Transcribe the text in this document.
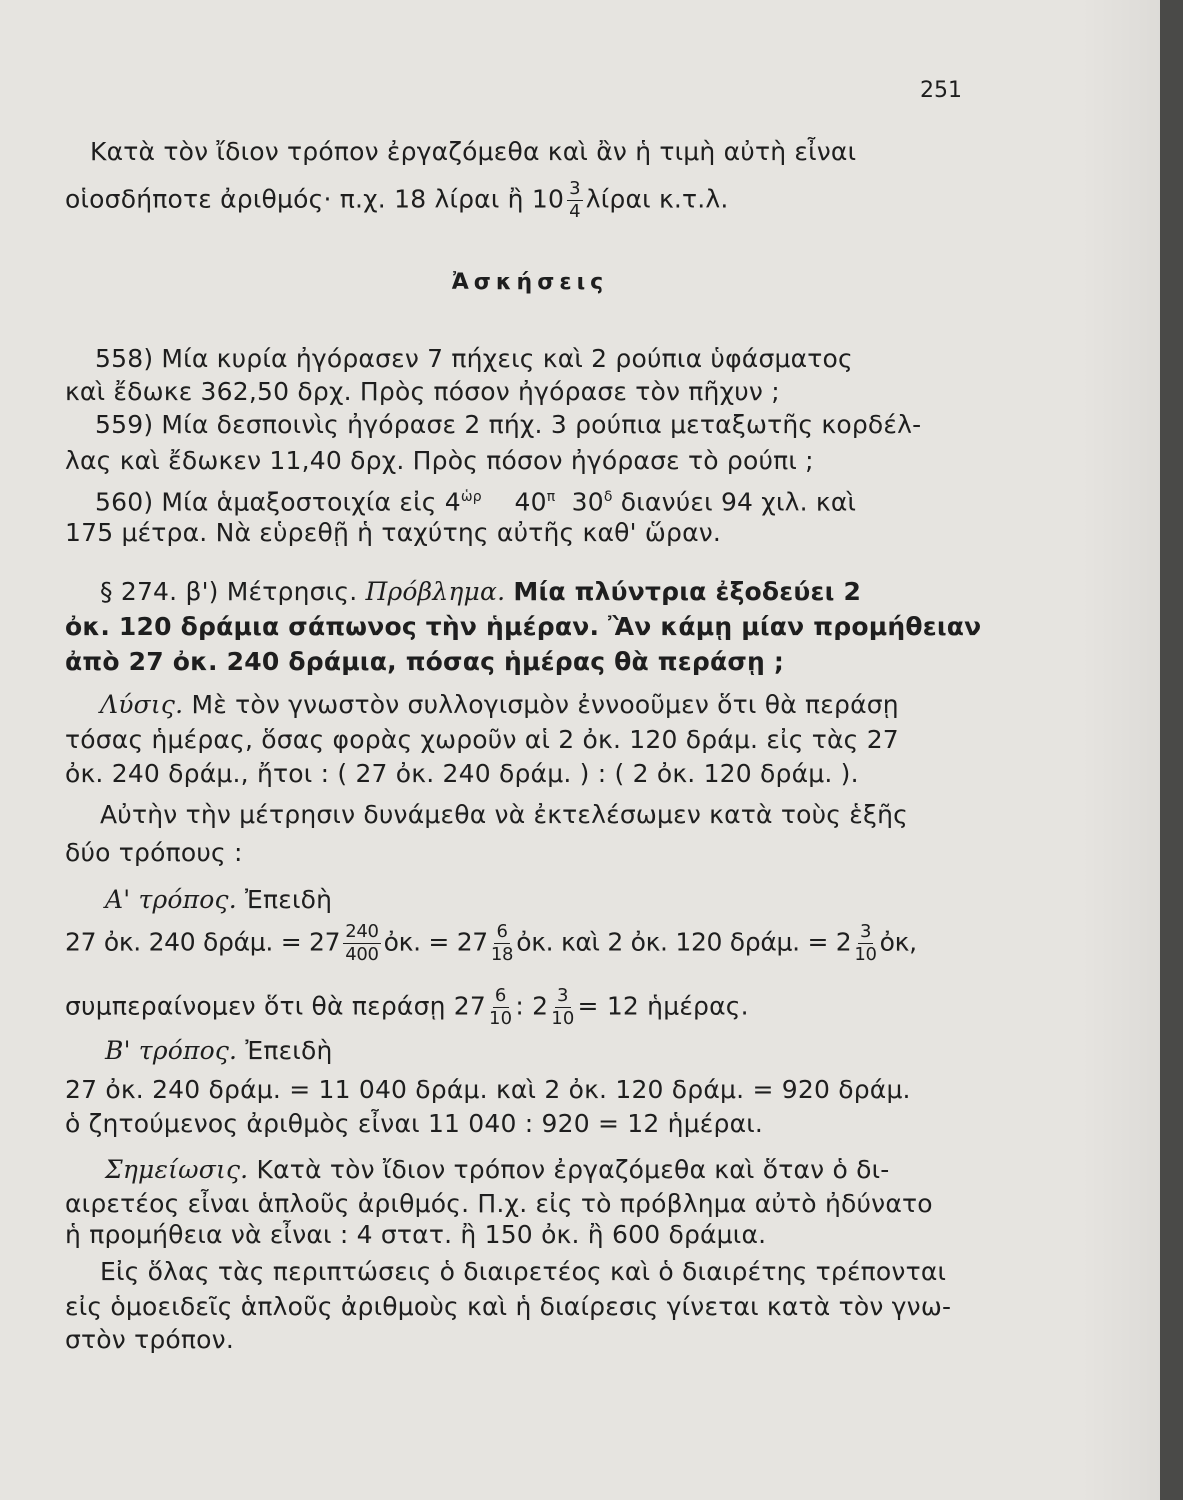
251
Κατὰ τὸν ἴδιον τρόπον ἐργαζόμεθα καὶ ἂν ἡ τιμὴ αὐτὴ εἶναι
οἱοσδήποτε ἀριθμός· π.χ. 18 λίραι ἢ $10 \frac{3}{4}$ λίραι κ.τ.λ.
Ἀσκήσεις
558) Μία κυρία ἠγόρασεν 7 πήχεις καὶ 2 ρούπια ὑφάσματος
καὶ ἔδωκε 362,50 δρχ. Πρὸς πόσον ἠγόρασε τὸν πῆχυν ;
559) Μία δεσποινὶς ἠγόρασε 2 πήχ. 3 ρούπια μεταξωτῆς κορδέλ-
λας καὶ ἔδωκεν 11,40 δρχ. Πρὸς πόσον ἠγόρασε τὸ ρούπι ;
560) Μία ἁμαξοστοιχία εἰς $4^{ὡ\rho}$ $40^\pi$ $30^\delta$ διανύει 94 χιλ. καὶ
175 μέτρα. Νὰ εὑρεθῇ ἡ ταχύτης αὐτῆς καθ' ὥραν.
§ 274. β') Μέτρησις. Πρόβλημα. Μία πλύντρια ἐξοδεύει 2
ὀκ. 120 δράμια σάπωνος τὴν ἡμέραν. Ἂν κάμῃ μίαν προμήθειαν
ἀπὸ 27 ὀκ. 240 δράμια, πόσας ἡμέρας θὰ περάσῃ ;
Λύσις. Μὲ τὸν γνωστὸν συλλογισμὸν ἐννοοῦμεν ὅτι θὰ περάσῃ
τόσας ἡμέρας, ὅσας φορὰς χωροῦν αἱ 2 ὀκ. 120 δράμ. εἰς τὰς 27
ὀκ. 240 δράμ., ἤτοι : ( 27 ὀκ. 240 δράμ. ) : ( 2 ὀκ. 120 δράμ. ).
Αὐτὴν τὴν μέτρησιν δυνάμεθα νὰ ἐκτελέσωμεν κατὰ τοὺς ἑξῆς
δύο τρόπους :
Α' τρόπος. Ἐπειδὴ
27 ὀκ. 240 δράμ. = $27 \frac{240}{400}$ ὀκ. = $27 \frac{6}{18}$ ὀκ. καὶ 2 ὀκ. 120 δράμ. = $2 \frac{3}{10}$ ὀκ,
συμπεραίνομεν ὅτι θὰ περάσῃ $27 \frac{6}{10}$ : $2 \frac{3}{10} = 12$ ἡμέρας.
Β' τρόπος. Ἐπειδὴ
27 ὀκ. 240 δράμ. = 11 040 δράμ. καὶ 2 ὀκ. 120 δράμ. = 920 δράμ.
ὁ ζητούμενος ἀριθμὸς εἶναι 11 040 : 920 = 12 ἡμέραι.
Σημείωσις. Κατὰ τὸν ἴδιον τρόπον ἐργαζόμεθα καὶ ὅταν ὁ δι-
αιρετέος εἶναι ἁπλοῦς ἀριθμός. Π.χ. εἰς τὸ πρόβλημα αὐτὸ ἠδύνατο
ἡ προμήθεια νὰ εἶναι : 4 στατ. ἢ 150 ὀκ. ἢ 600 δράμια.
Εἰς ὅλας τὰς περιπτώσεις ὁ διαιρετέος καὶ ὁ διαιρέτης τρέπονται
εἰς ὁμοειδεῖς ἁπλοῦς ἀριθμοὺς καὶ ἡ διαίρεσις γίνεται κατὰ τὸν γνω-
στὸν τρόπον.
